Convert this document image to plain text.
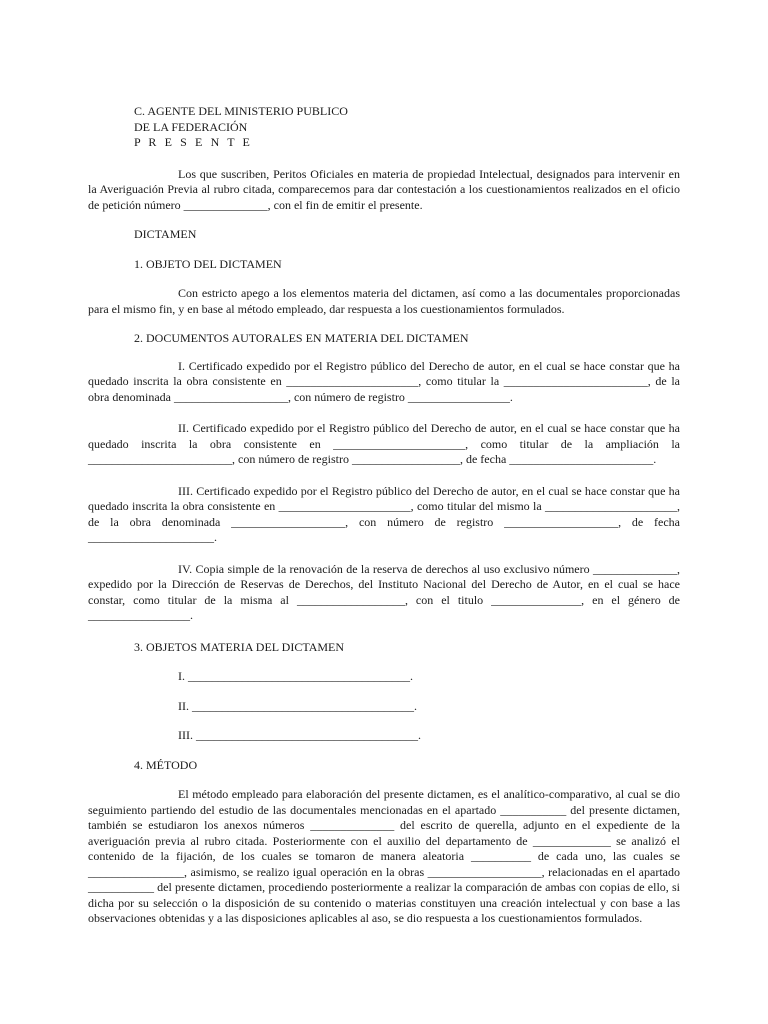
C. AGENTE DEL MINISTERIO PUBLICO
DE LA FEDERACIÓN
P R E S E N T E

Los que suscriben, Peritos Oficiales en materia de propiedad Intelectual, designados para intervenir en la Averiguación Previa al rubro citada, comparecemos para dar contestación a los cuestionamientos realizados en el oficio de petición número ______________, con el fin de emitir el presente.

DICTAMEN
1. OBJETO DEL DICTAMEN

Con estricto apego a los elementos materia del dictamen, así como a las documentales proporcionadas para el mismo fin, y en base al método empleado, dar respuesta a los cuestionamientos formulados.

2. DOCUMENTOS AUTORALES EN MATERIA DEL DICTAMEN

I. Certificado expedido por el Registro público del Derecho de autor, en el cual se hace constar que ha quedado inscrita la obra consistente en ______________________, como titular la ________________________, de la obra denominada ___________________, con número de registro _________________.

II. Certificado expedido por el Registro público del Derecho de autor, en el cual se hace constar que ha quedado inscrita la obra consistente en ______________________, como titular de la ampliación la ________________________, con número de registro __________________, de fecha ________________________.

III. Certificado expedido por el Registro público del Derecho de autor, en el cual se hace constar que ha quedado inscrita la obra consistente en ______________________, como titular del mismo la ______________________, de la obra denominada ___________________, con número de registro ___________________, de fecha _____________________.

IV. Copia simple de la renovación de la reserva de derechos al uso exclusivo número ______________, expedido por la Dirección de Reservas de Derechos, del Instituto Nacional del Derecho de Autor, en el cual se hace constar, como titular de la misma al __________________, con el titulo _______________, en el género de _________________.

3. OBJETOS MATERIA DEL DICTAMEN
I. _____________________________________.
II. _____________________________________.
III. _____________________________________.
4. MÉTODO

El método empleado para elaboración del presente dictamen, es el analítico-comparativo, al cual se dio seguimiento partiendo del estudio de las documentales mencionadas en el apartado ___________ del presente dictamen, también se estudiaron los anexos números ______________ del escrito de querella, adjunto en el expediente de la averiguación previa al rubro citada. Posteriormente con el auxilio del departamento de _____________ se analizó el contenido de la fijación, de los cuales se tomaron de manera aleatoria __________ de cada uno, las cuales se ________________, asimismo, se realizo igual operación en la obras ___________________, relacionadas en el apartado ___________ del presente dictamen, procediendo posteriormente a realizar la comparación de ambas con copias de ello, si dicha por su selección o la disposición de su contenido o materias constituyen una creación intelectual y con base a las observaciones obtenidas y a las disposiciones aplicables al aso, se dio respuesta a los cuestionamientos formulados.
